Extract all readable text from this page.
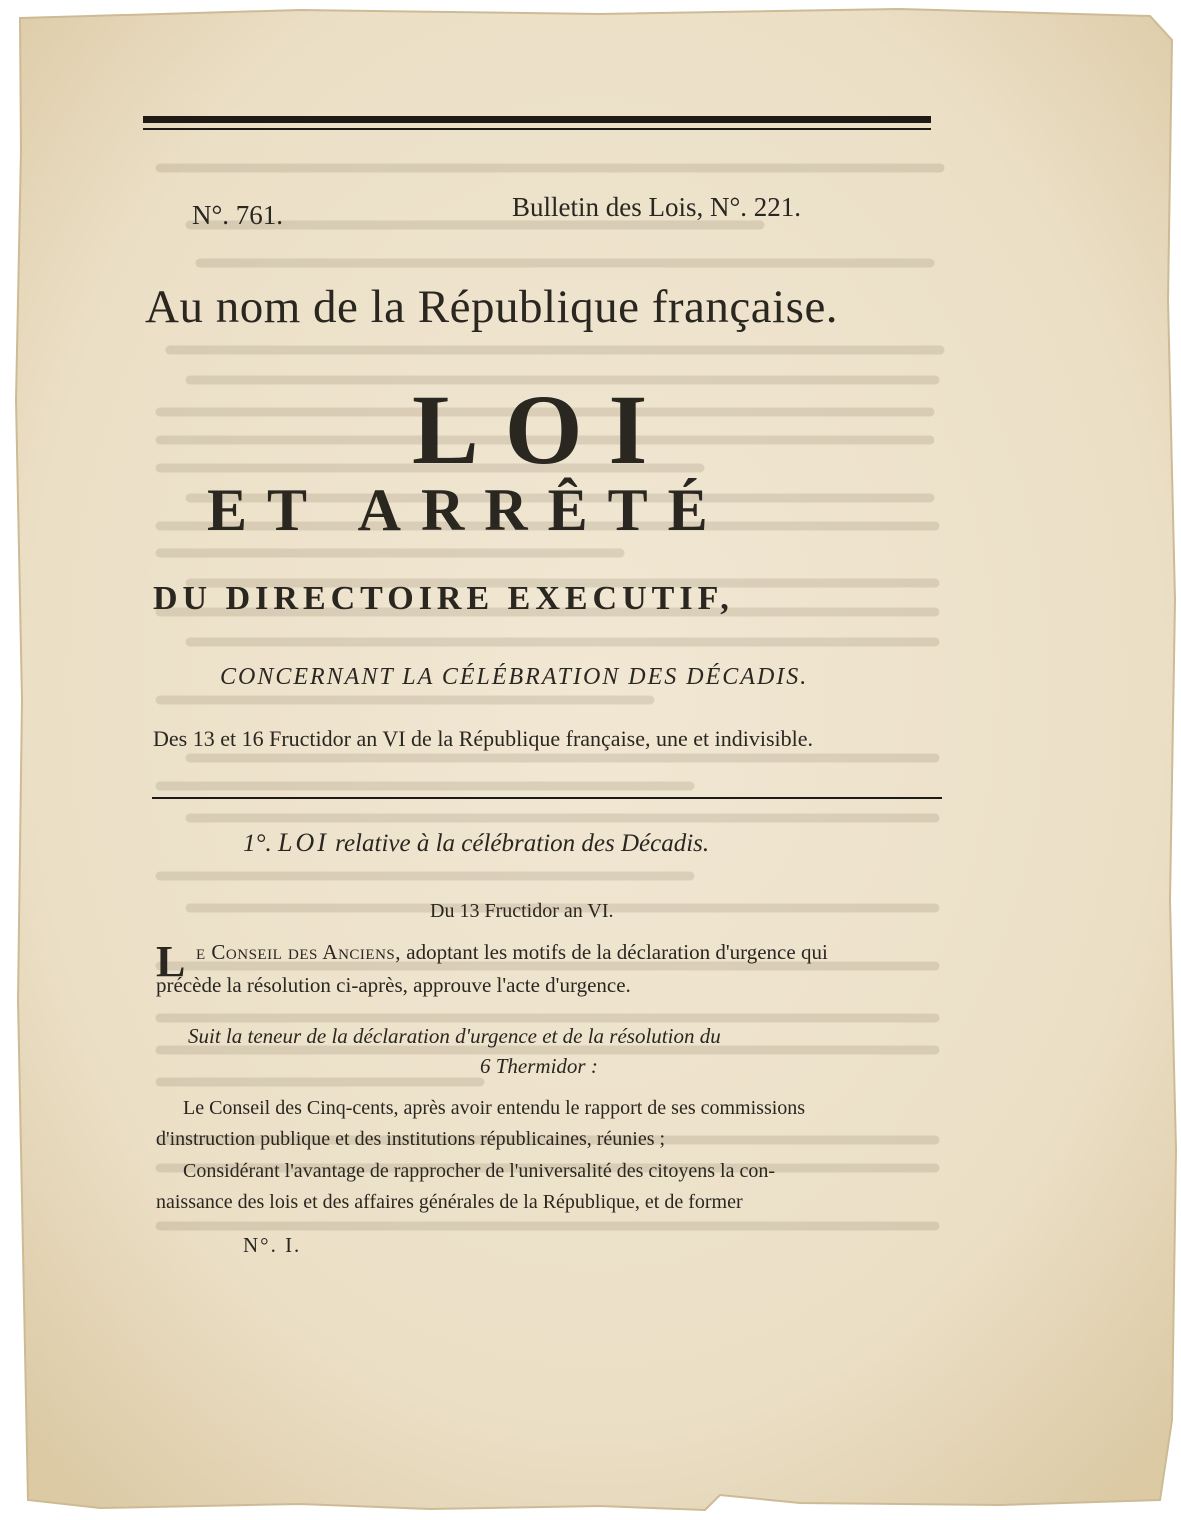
N°. 761.	Bulletin des Lois, N°. 221.
Au nom de la République française.
LOI
ET ARRÊTÉ
DU DIRECTOIRE EXECUTIF,
CONCERNANT LA CÉLÉBRATION DES DÉCADIS.
Des 13 et 16 Fructidor an VI de la République française, une et indivisible.
1°. LOI relative à la célébration des Décadis.
Du 13 Fructidor an VI.
L e Conseil des Anciens, adoptant les motifs de la déclaration d'urgence qui
précède la résolution ci-après, approuve l'acte d'urgence.
Suit la teneur de la déclaration d'urgence et de la résolution du
6 Thermidor :
Le Conseil des Cinq-cents, après avoir entendu le rapport de ses commissions
d'instruction publique et des institutions républicaines, réunies ;
Considérant l'avantage de rapprocher de l'universalité des citoyens la con-
naissance des lois et des affaires générales de la République, et de former
N°. I.
